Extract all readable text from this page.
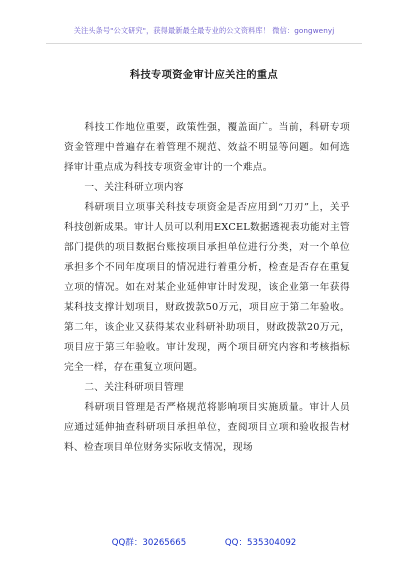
关注头条号"公文研究"，获得最新最全最专业的公文资料库！ 微信：gongwenyj
科技专项资金审计应关注的重点

科技工作地位重要，政策性强，覆盖面广。当前，科研专项资金管理中普遍存在着管理不规范、效益不明显等问题。如何选择审计重点成为科技专项资金审计的一个难点。

一、关注科研立项内容

科研项目立项事关科技专项资金是否应用到“刀刃”上，关乎科技创新成果。审计人员可以利用EXCEL数据透视表功能对主管部门提供的项目数据台账按项目承担单位进行分类，对一个单位承担多个不同年度项目的情况进行着重分析，检查是否存在重复立项的情况。如在对某企业延伸审计时发现，该企业第一年获得某科技支撑计划项目，财政拨款50万元，项目应于第二年验收。第二年，该企业又获得某农业科研补助项目，财政拨款20万元，项目应于第三年验收。审计发现，两个项目研究内容和考核指标完全一样，存在重复立项问题。

二、关注科研项目管理

科研项目管理是否严格规范将影响项目实施质量。审计人员应通过延伸抽查科研项目承担单位，查阅项目立项和验收报告材料、检查项目单位财务实际收支情况，现场

QQ群：30265665	QQ：535304092
